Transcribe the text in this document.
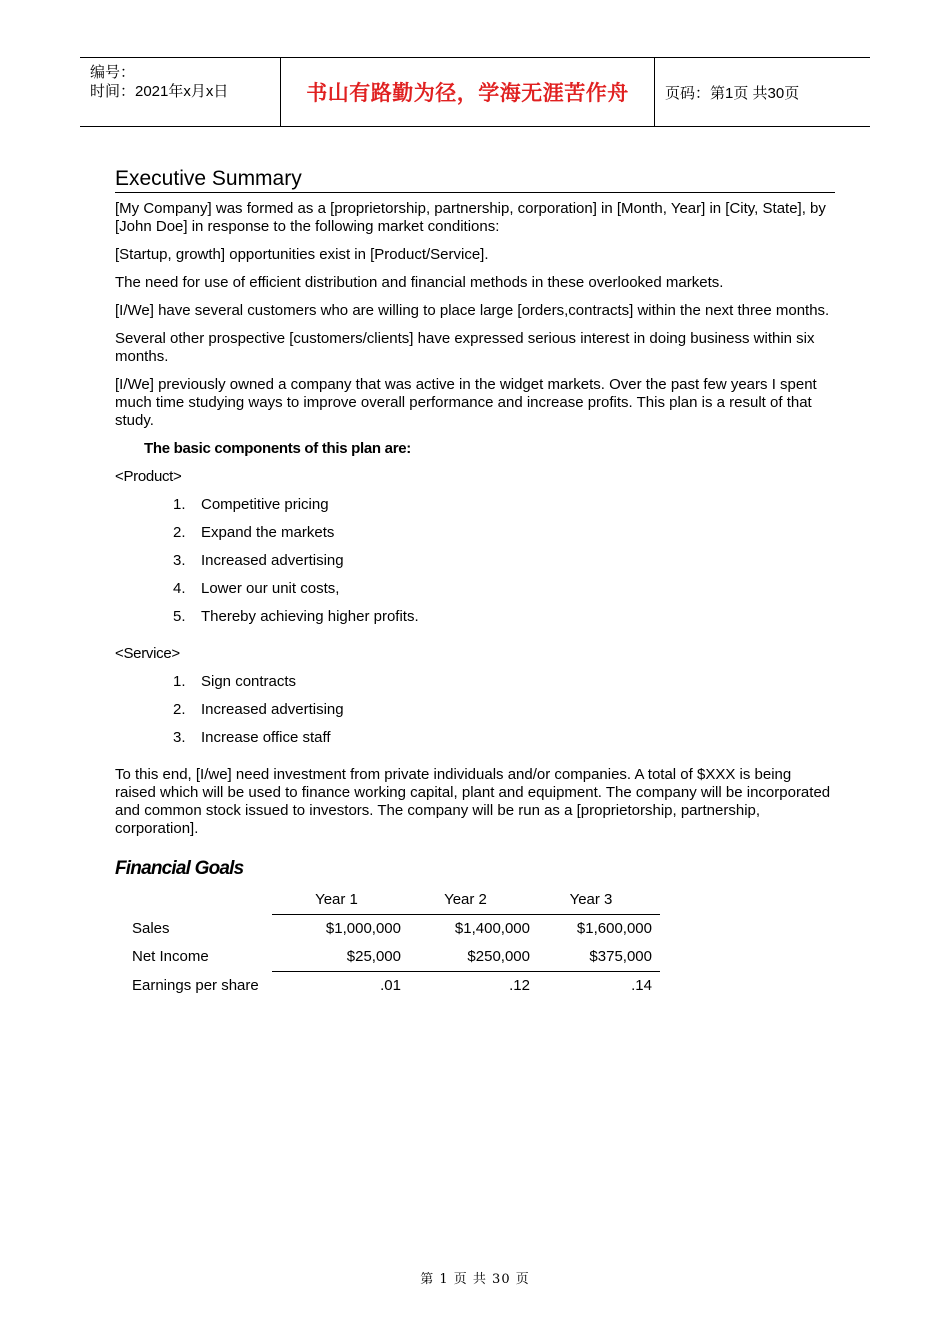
编号：
时间：2021年x月x日	书山有路勤为径，学海无涯苦作舟 页码：第1页 共30页
Executive Summary

[My Company] was formed as a [proprietorship, partnership, corporation] in [Month, Year] in [City, State], by [John Doe] in response to the following market conditions:

[Startup, growth] opportunities exist in [Product/Service].

The need for use of efficient distribution and financial methods in these overlooked markets.

[I/We] have several customers who are willing to place large [orders,contracts] within the next three months.

Several other prospective [customers/clients] have expressed serious interest in doing business within six months.

[I/We] previously owned a company that was active in the widget markets. Over the past few years I spent much time studying ways to improve overall performance and increase profits. This plan is a result of that study.

The basic components of this plan are:

<Product>
1.	Competitive pricing
2.	Expand the markets
3.	Increased advertising
4.	Lower our unit costs,
5.	Thereby achieving higher profits.
<Service>
1.	Sign contracts
2.	Increased advertising
3.	Increase office staff

To this end, [I/we] need investment from private individuals and/or companies. A total of $XXX is being raised which will be used to finance working capital, plant and equipment. The company will be incorporated and common stock issued to investors. The company will be run as a [proprietorship, partnership, corporation].

Financial Goals
	Year 1	Year 2	Year 3
Sales	$1,000,000	$1,400,000	$1,600,000
Net Income	$25,000	$250,000	$375,000
Earnings per share	.01	.12	.14
第 1 页 共 30 页
